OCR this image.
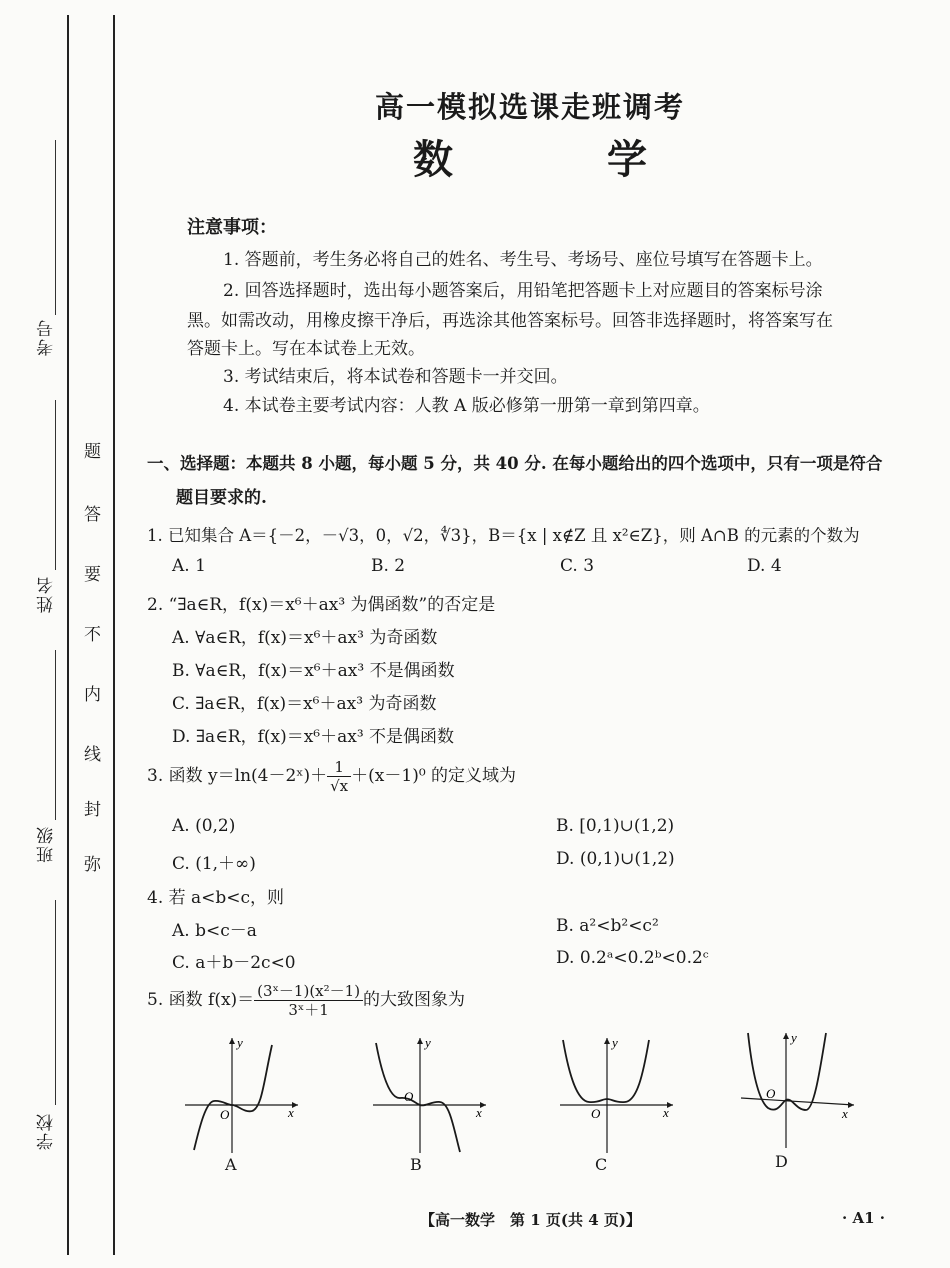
考号
姓名
班级
学校
题
答
要
不
内
线
封
弥
高一模拟选课走班调考
数 学
注意事项：
1. 答题前，考生务必将自己的姓名、考生号、考场号、座位号填写在答题卡上。
2. 回答选择题时，选出每小题答案后，用铅笔把答题卡上对应题目的答案标号涂
黑。如需改动，用橡皮擦干净后，再选涂其他答案标号。回答非选择题时，将答案写在
答题卡上。写在本试卷上无效。
3. 考试结束后，将本试卷和答题卡一并交回。
4. 本试卷主要考试内容：人教 A 版必修第一册第一章到第四章。
一、选择题：本题共 8 小题，每小题 5 分，共 40 分. 在每小题给出的四个选项中，只有一项是符合
题目要求的.
1. 已知集合 A＝{－2，－√3，0，√2，∜3}，B＝{x | x∉Z 且 x²∈Z}，则 A∩B 的元素的个数为
A. 1	B. 2	C. 3	D. 4
2. “∃a∈R，f(x)＝x⁶＋ax³ 为偶函数”的否定是
A. ∀a∈R，f(x)＝x⁶＋ax³ 为奇函数
B. ∀a∈R，f(x)＝x⁶＋ax³ 不是偶函数
C. ∃a∈R，f(x)＝x⁶＋ax³ 为奇函数
D. ∃a∈R，f(x)＝x⁶＋ax³ 不是偶函数
3. 函数 y＝ln(4－2ˣ)＋ $\frac{1}{√x} +(x-1)^0$ 的定义域为
A. (0,2)	B. [0,1)∪(1,2)
C. (1,＋∞)	D. (0,1)∪(1,2)
4. 若 a<b<c，则
A. b<c－a	B. a²<b²<c²
C. a＋b－2c<0	D. 0.2ᵃ<0.2ᵇ<0.2ᶜ
5. 函数 $f(x)= \frac{\text{(3ˣ－1)(x²－1)}}{\text{3ˣ＋1}}$ 的大致图象为
x
y
O
A
x
y
O
B
x
y
O
C
x
y
O
D
【高一数学　第 1 页(共 4 页)】	· A1 ·
